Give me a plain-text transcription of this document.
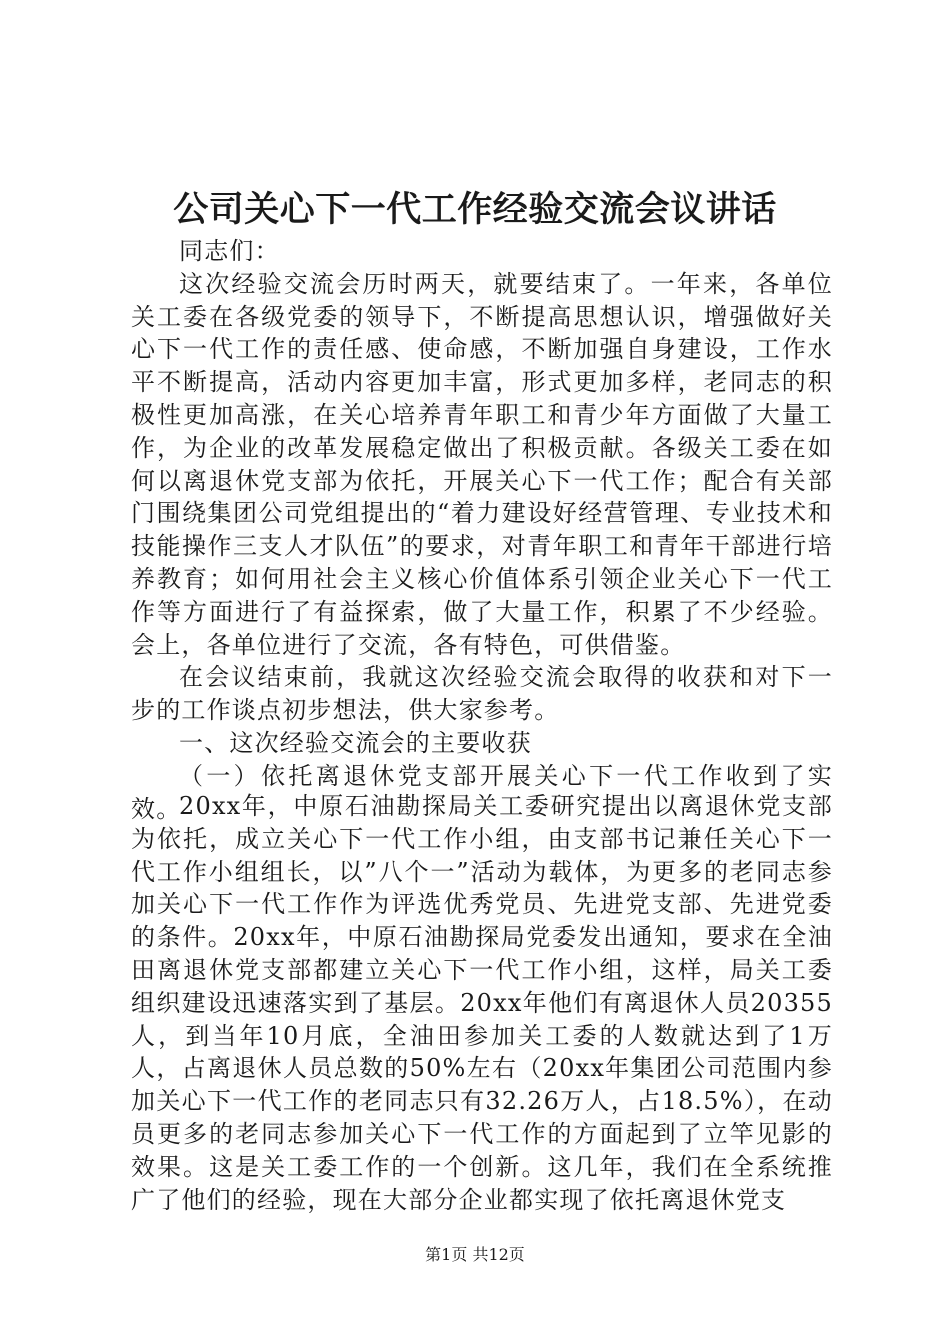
公司关心下一代工作经验交流会议讲话

同志们：

这次经验交流会历时两天，就要结束了。一年来，各单位关工委在各级党委的领导下，不断提高思想认识，增强做好关心下一代工作的责任感、使命感，不断加强自身建设，工作水平不断提高，活动内容更加丰富，形式更加多样，老同志的积极性更加高涨，在关心培养青年职工和青少年方面做了大量工作，为企业的改革发展稳定做出了积极贡献。各级关工委在如何以离退休党支部为依托，开展关心下一代工作；配合有关部门围绕集团公司党组提出的“着力建设好经营管理、专业技术和技能操作三支人才队伍”的要求，对青年职工和青年干部进行培养教育；如何用社会主义核心价值体系引领企业关心下一代工作等方面进行了有益探索，做了大量工作，积累了不少经验。会上，各单位进行了交流，各有特色，可供借鉴。

在会议结束前，我就这次经验交流会取得的收获和对下一步的工作谈点初步想法，供大家参考。

一、这次经验交流会的主要收获

（一）依托离退休党支部开展关心下一代工作收到了实效。

20xx年，中原石油勘探局关工委研究提出以离退休党支部为依托，成立关心下一代工作小组，由支部书记兼任关心下一代工作小组组长，以”八个一”活动为载体，为更多的老同志参加关心下一代工作作为评选优秀党员、先进党支部、先进党委的条件。20xx年，中原石油勘探局党委发出通知，要求在全油田离退休党支部都建立关心下一代工作小组，这样，局关工委组织建设迅速落实到了基层。20xx年他们有离退休人员20355人，到当年10月底，全油田参加关工委的人数就达到了1万人，占离退休人员总数的50%左右（20xx年集团公司范围内参加关心下一代工作的老同志只有32.26万人，占18.5%），在动员更多的老同志参加关心下一代工作的方面起到了立竿见影的效果。这是关工委工作的一个创新。这几年，我们在全系统推广了他们的经验，现在大部分企业都实现了依托离退休党支

第1页 共12页
